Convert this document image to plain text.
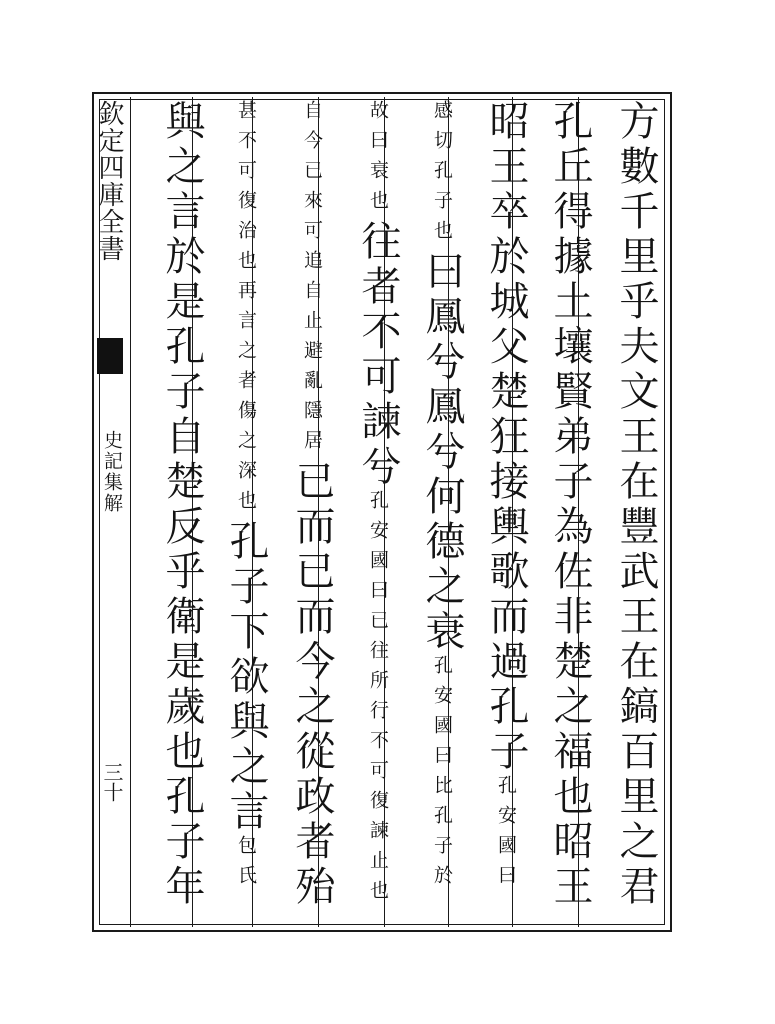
欽定四庫全書
史記集解
三十
方數千里乎夫文王在豐武王在鎬百里之君
孔丘得據土壤賢弟子為佐非楚之福也昭王
昭王卒於城父楚狂接輿歌而過孔子孔安國曰
感切孔子也曰鳳兮鳳兮何德之衰孔安國曰比孔子於
故曰衰也往者不可諫兮孔安國曰已往所行不可復諫止也
自今已來可追自止避亂隱居已而已而今之從政者殆
甚不可復治也再言之者傷之深也孔子下欲與之言包氏
與之言於是孔子自楚反乎衛是歲也孔子年
